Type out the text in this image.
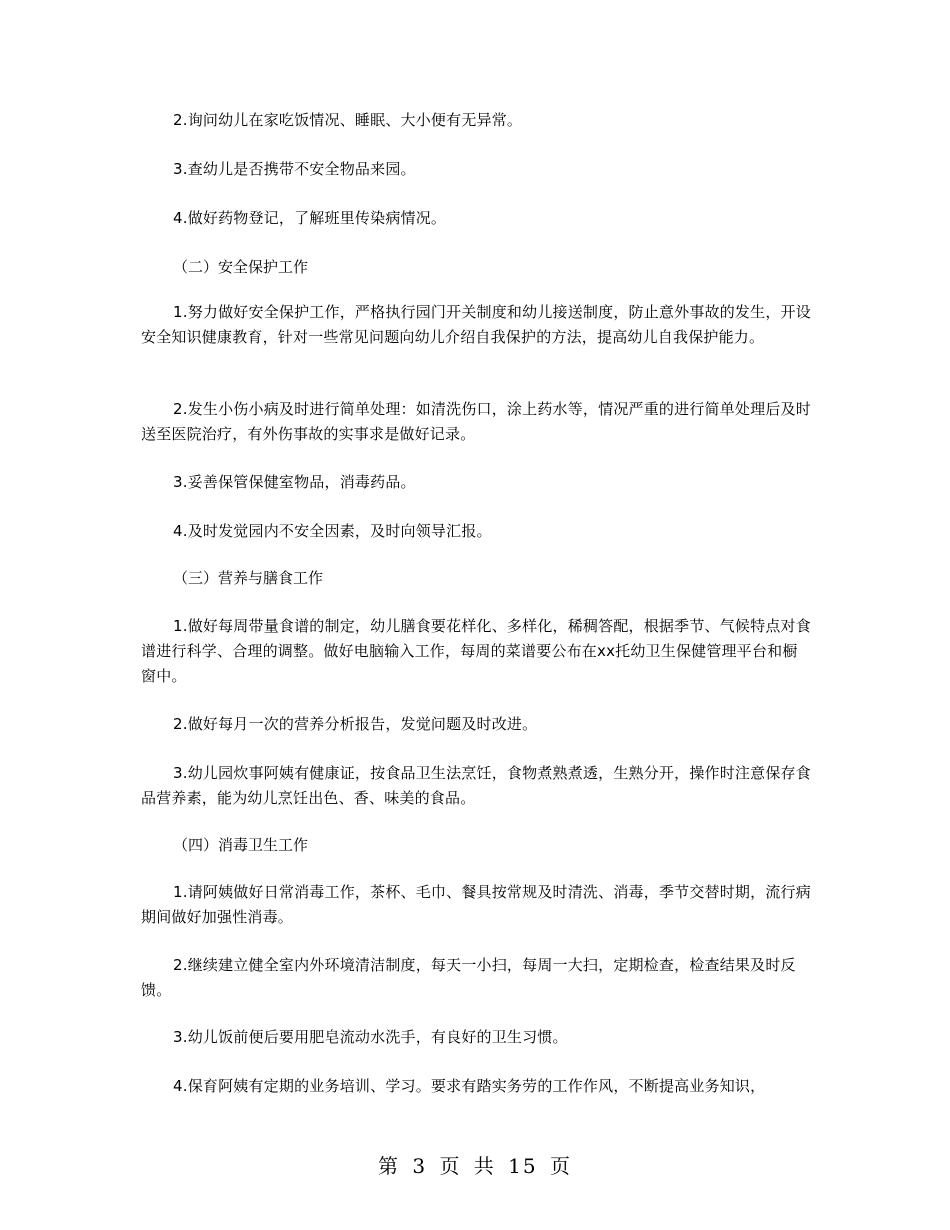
2.询问幼儿在家吃饭情况、睡眠、大小便有无异常。

3.查幼儿是否携带不安全物品来园。

4.做好药物登记，了解班里传染病情况。

（二）安全保护工作

1.努力做好安全保护工作，严格执行园门开关制度和幼儿接送制度，防止意外事故的发生，开设安全知识健康教育，针对一些常见问题向幼儿介绍自我保护的方法，提高幼儿自我保护能力。

2.发生小伤小病及时进行简单处理：如清洗伤口，涂上药水等，情况严重的进行简单处理后及时送至医院治疗，有外伤事故的实事求是做好记录。

3.妥善保管保健室物品，消毒药品。

4.及时发觉园内不安全因素，及时向领导汇报。

（三）营养与膳食工作

1.做好每周带量食谱的制定，幼儿膳食要花样化、多样化，稀稠答配，根据季节、气候特点对食谱进行科学、合理的调整。做好电脑输入工作，每周的菜谱要公布在xx托幼卫生保健管理平台和橱窗中。

2.做好每月一次的营养分析报告，发觉问题及时改进。

3.幼儿园炊事阿姨有健康证，按食品卫生法烹饪，食物煮熟煮透，生熟分开，操作时注意保存食品营养素，能为幼儿烹饪出色、香、味美的食品。

（四）消毒卫生工作

1.请阿姨做好日常消毒工作，茶杯、毛巾、餐具按常规及时清洗、消毒，季节交替时期，流行病期间做好加强性消毒。

2.继续建立健全室内外环境清洁制度，每天一小扫，每周一大扫，定期检查，检查结果及时反馈。

3.幼儿饭前便后要用肥皂流动水洗手，有良好的卫生习惯。

4.保育阿姨有定期的业务培训、学习。要求有踏实务劳的工作作风，不断提高业务知识，

第 3 页 共 15 页
